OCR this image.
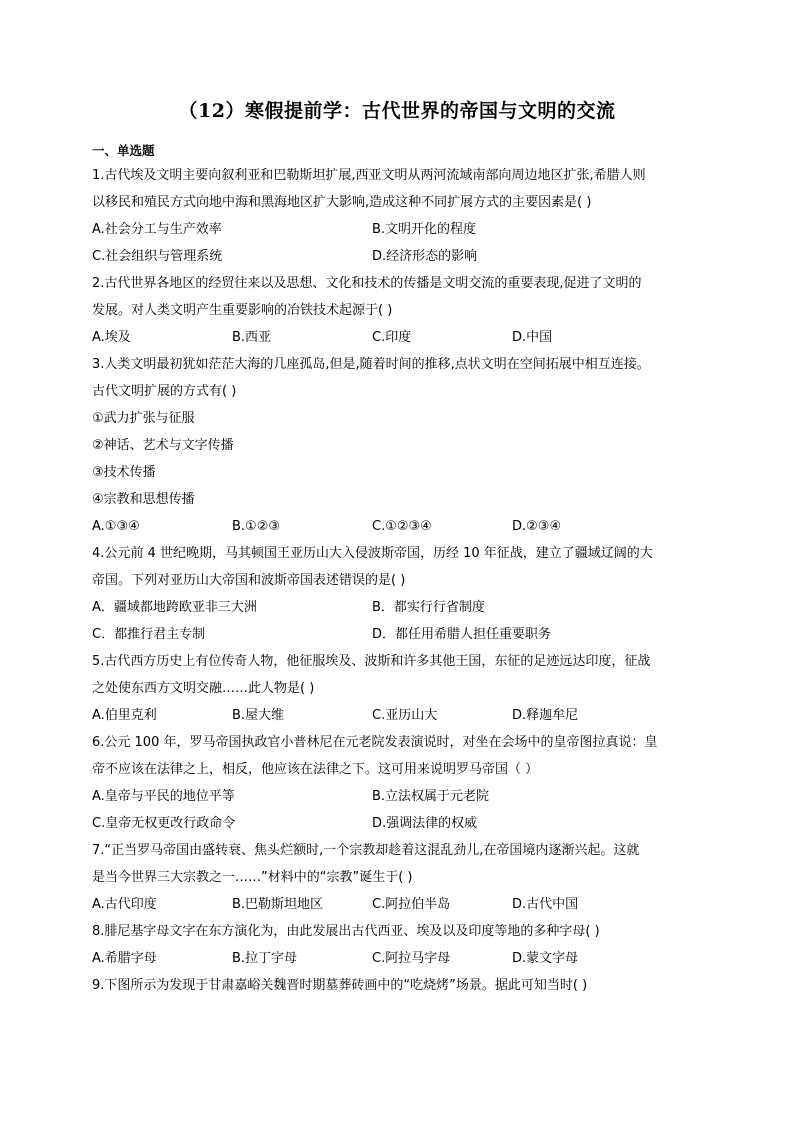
（12）寒假提前学：古代世界的帝国与文明的交流
一、单选题
1.古代埃及文明主要向叙利亚和巴勒斯坦扩展,西亚文明从两河流域南部向周边地区扩张,希腊人则
以移民和殖民方式向地中海和黑海地区扩大影响,造成这种不同扩展方式的主要因素是( )
A.社会分工与生产效率	B.文明开化的程度
C.社会组织与管理系统	D.经济形态的影响
2.古代世界各地区的经贸往来以及思想、文化和技术的传播是文明交流的重要表现,促进了文明的
发展。对人类文明产生重要影响的冶铁技术起源于( )
A.埃及	B.西亚	C.印度	D.中国
3.人类文明最初犹如茫茫大海的几座孤岛,但是,随着时间的推移,点状文明在空间拓展中相互连接。
古代文明扩展的方式有( )
①武力扩张与征服
②神话、艺术与文字传播
③技术传播
④宗教和思想传播
A.①③④	B.①②③	C.①②③④	D.②③④
4.公元前 4 世纪晚期，马其顿国王亚历山大入侵波斯帝国，历经 10 年征战，建立了疆域辽阔的大
帝国。下列对亚历山大帝国和波斯帝国表述错误的是( )
A．疆域都地跨欧亚非三大洲	B．都实行行省制度
C．都推行君主专制	D．都任用希腊人担任重要职务
5.古代西方历史上有位传奇人物，他征服埃及、波斯和许多其他王国，东征的足迹远达印度，征战
之处使东西方文明交融……此人物是( )
A.伯里克利	B.屋大维	C.亚历山大	D.释迦牟尼
6.公元 100 年，罗马帝国执政官小普林尼在元老院发表演说时，对坐在会场中的皇帝图拉真说：皇
帝不应该在法律之上，相反，他应该在法律之下。这可用来说明罗马帝国（ ）
A.皇帝与平民的地位平等	B.立法权属于元老院
C.皇帝无权更改行政命令	D.强调法律的权威
7.“正当罗马帝国由盛转衰、焦头烂额时,一个宗教却趁着这混乱劲儿,在帝国境内逐渐兴起。这就
是当今世界三大宗教之一……”材料中的“宗教”诞生于( )
A.古代印度	B.巴勒斯坦地区	C.阿拉伯半岛	D.古代中国
8.腓尼基字母文字在东方演化为，由此发展出古代西亚、埃及以及印度等地的多种字母( )
A.希腊字母	B.拉丁字母	C.阿拉马字母	D.蒙文字母
9.下图所示为发现于甘肃嘉峪关魏晋时期墓葬砖画中的“吃烧烤”场景。据此可知当时( )
